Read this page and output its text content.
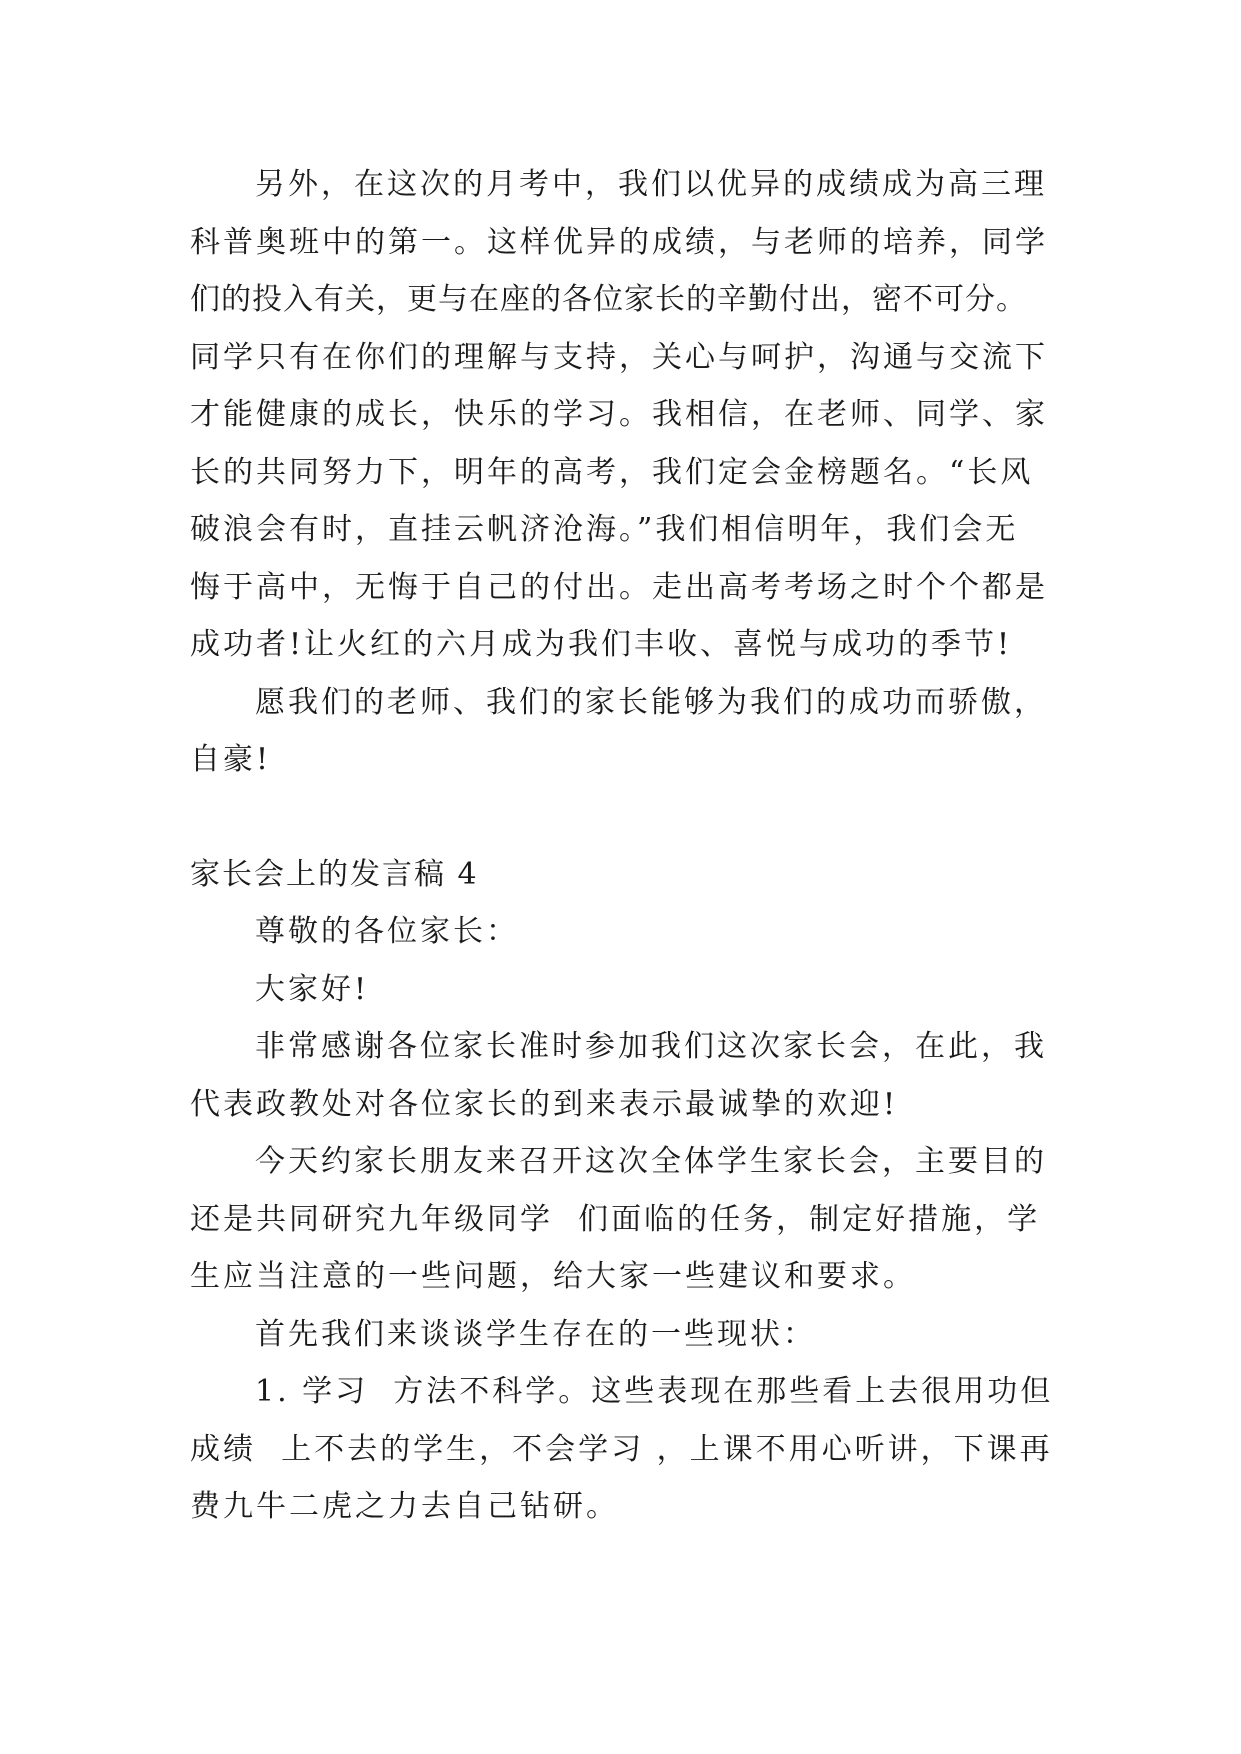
另外，在这次的月考中，我们以优异的成绩成为高三理
科普奥班中的第一。这样优异的成绩，与老师的培养，同学
们的投入有关，更与在座的各位家长的辛勤付出，密不可分。
同学只有在你们的理解与支持，关心与呵护，沟通与交流下
才能健康的成长，快乐的学习。我相信，在老师、同学、家
长的共同努力下，明年的高考，我们定会金榜题名。“长风
破浪会有时，直挂云帆济沧海。”我们相信明年，我们会无
悔于高中，无悔于自己的付出。走出高考考场之时个个都是
成功者!让火红的六月成为我们丰收、喜悦与成功的季节!
愿我们的老师、我们的家长能够为我们的成功而骄傲，
自豪!
家长会上的发言稿 4
尊敬的各位家长：
大家好!
非常感谢各位家长准时参加我们这次家长会，在此，我
代表政教处对各位家长的到来表示最诚挚的欢迎!
今天约家长朋友来召开这次全体学生家长会，主要目的
还是共同研究九年级同学  们面临的任务，制定好措施，学
生应当注意的一些问题，给大家一些建议和要求。
首先我们来谈谈学生存在的一些现状：
1. 学习  方法不科学。这些表现在那些看上去很用功但
成绩  上不去的学生，不会学习 ，上课不用心听讲，下课再
费九牛二虎之力去自己钻研。
